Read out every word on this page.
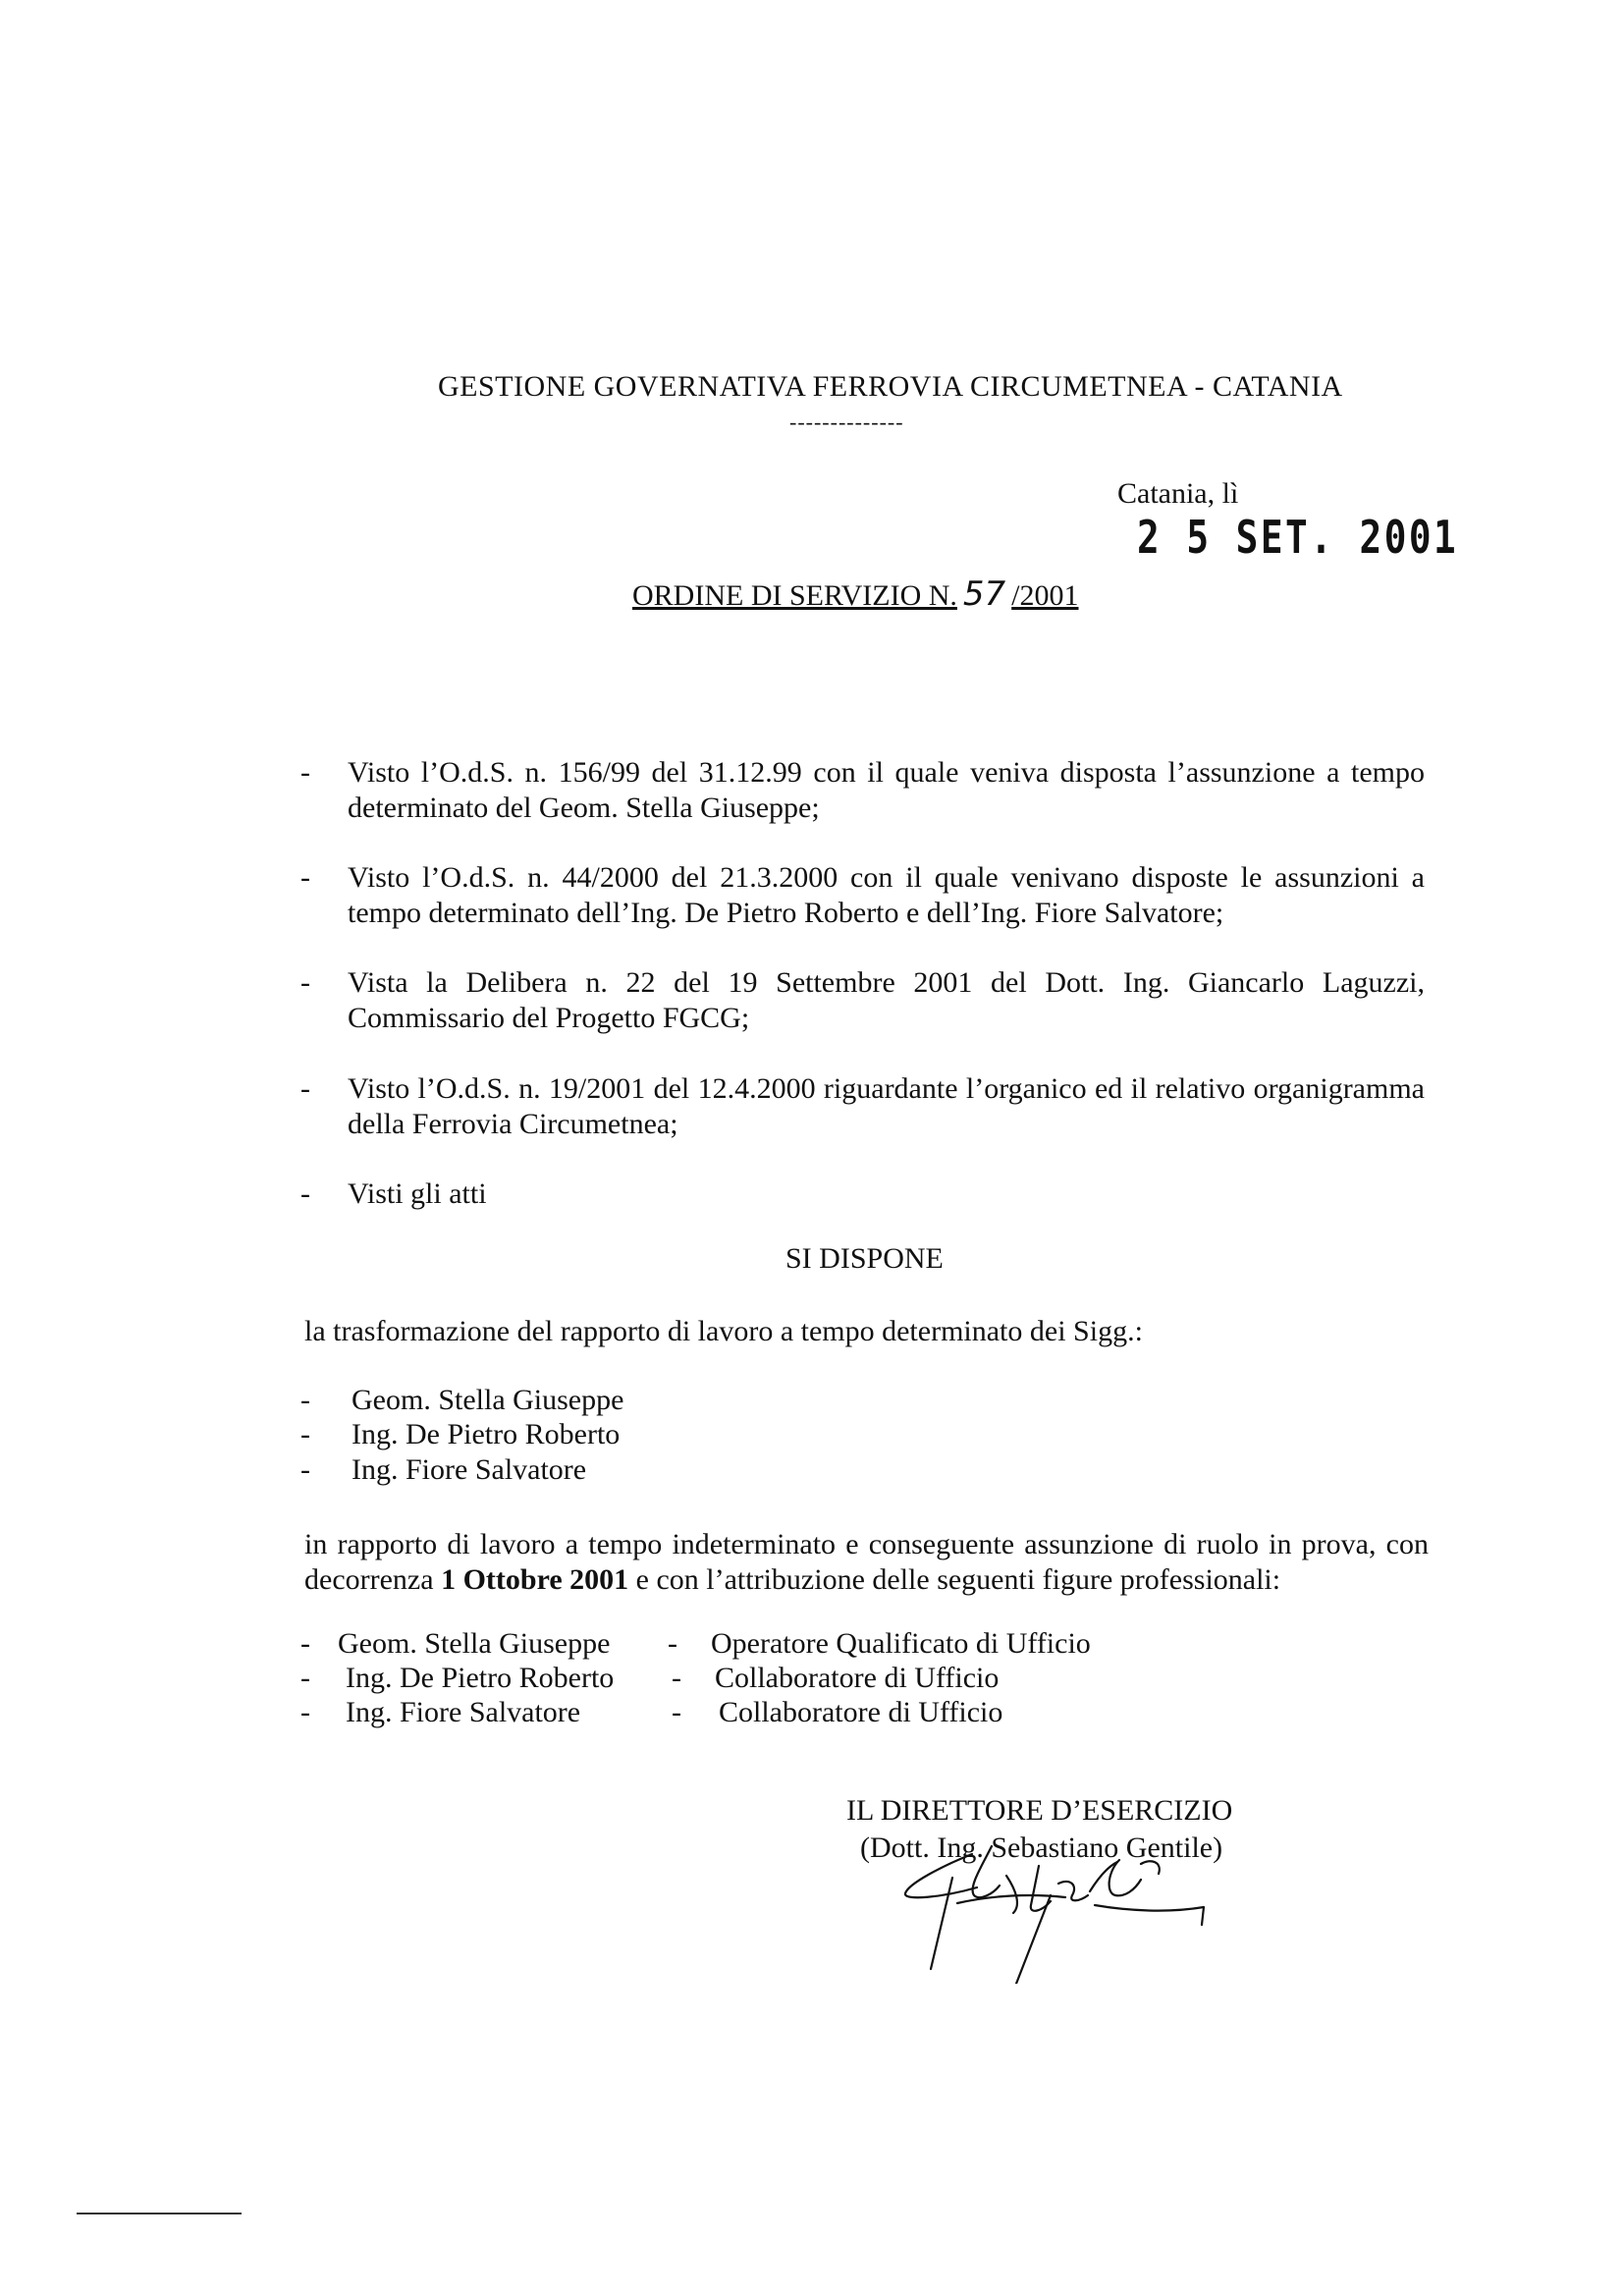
GESTIONE GOVERNATIVA FERROVIA CIRCUMETNEA - CATANIA
--------------
Catania, lì 2 5 SET. 2001
ORDINE DI SERVIZIO N. 57 /2001
- Visto l’O.d.S. n. 156/99 del 31.12.99 con il quale veniva disposta l’assunzione a tempo determinato del Geom. Stella Giuseppe;
- Visto l’O.d.S. n. 44/2000 del 21.3.2000 con il quale venivano disposte le assunzioni a tempo determinato dell’Ing. De Pietro Roberto e dell’Ing. Fiore Salvatore;
- Vista la Delibera n. 22 del 19 Settembre 2001 del Dott. Ing. Giancarlo Laguzzi, Commissario del Progetto FGCG;
- Visto l’O.d.S. n. 19/2001 del 12.4.2000 riguardante l’organico ed il relativo organigramma della Ferrovia Circumetnea;
- Visti gli atti
SI DISPONE
la trasformazione del rapporto di lavoro a tempo determinato dei Sigg.:
- Geom. Stella Giuseppe
- Ing. De Pietro Roberto
- Ing. Fiore Salvatore
in rapporto di lavoro a tempo indeterminato e conseguente assunzione di ruolo in prova, con decorrenza 1 Ottobre 2001 e con l’attribuzione delle seguenti figure professionali:
- Geom. Stella Giuseppe - Operatore Qualificato di Ufficio
- Ing. De Pietro Roberto - Collaboratore di Ufficio
- Ing. Fiore Salvatore	- Collaboratore di Ufficio
IL DIRETTORE D’ESERCIZIO
(Dott. Ing. Sebastiano Gentile)
